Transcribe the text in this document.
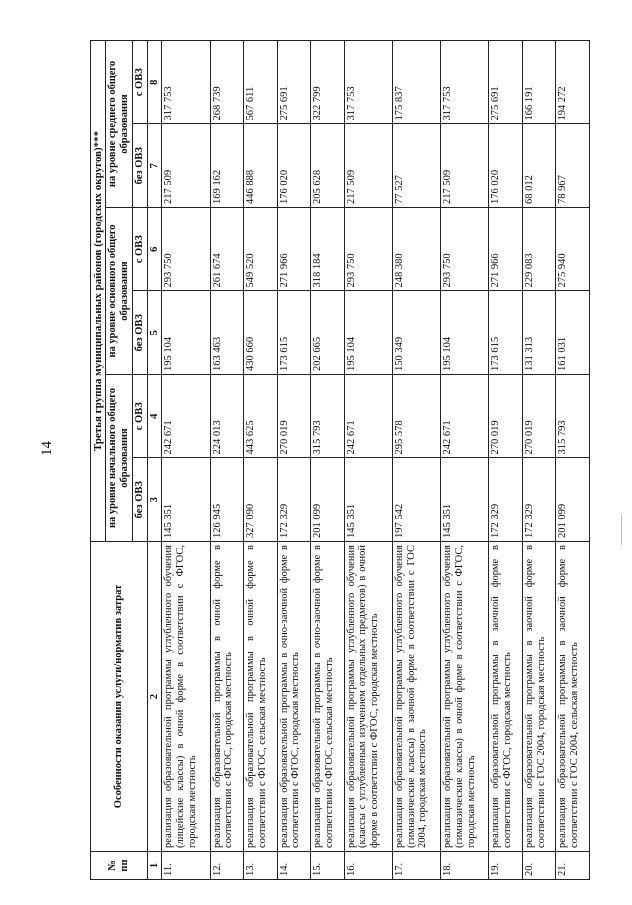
14
№ пп	Особенности оказания услуги/норматив затрат	Третья группа муниципальных районов (городских округов)***					
		на уровне начального общего образования		на уровне основного общего образования		на уровне среднего общего образования	
		без ОВЗ	с ОВЗ	без ОВЗ	с ОВЗ	без ОВЗ	с ОВЗ
1	2	3	4	5	6	7	8
11.	реализация образовательной программы углубленного обучения (лицейские классы) в очной форме в соответствии с ФГОС, городская местность	145 351	242 671	195 104	293 750	217 509	317 753
12.	реализация образовательной программы в очной форме в соответствии с ФГОС, городская местность	126 945	224 013	163 463	261 674	169 162	268 739
13.	реализация образовательной программы в очной форме в соответствии с ФГОС, сельская местность	327 090	443 625	430 660	549 520	446 888	567 611
14.	реализация образовательной программы в очно-заочной форме в соответствии с ФГОС, городская местность	172 329	270 019	173 615	271 966	176 020	275 691
15.	реализация образовательной программы в очно-заочной форме в соответствии с ФГОС, сельская местность	201 099	315 793	202 665	318 184	205 628	322 799
16.	реализация образовательной программы углубленного обучения (классы с углубленным изучением отдельных предметов) в очной форме в соответствии с ФГОС, городская местность	145 351	242 671	195 104	293 750	217 509	317 753
17.	реализация образовательной программы углубленного обучения (гимназические классы) в заочной форме в соответствии с ГОС 2004, городская местность	197 542	295 578	150 349	248 380	77 527	175 837
18.	реализация образовательной программы углубленного обучения (гимназические классы) в очной форме в соответствии с ФГОС, городская местность	145 351	242 671	195 104	293 750	217 509	317 753
19.	реализация образовательной программы в заочной форме в соответствии с ФГОС, городская местность	172 329	270 019	173 615	271 966	176 020	275 691
20.	реализация образовательной программы в заочной форме в соответствии с ГОС 2004, городская местность	172 329	270 019	131 313	229 083	68 012	166 191
21.	реализация образовательной программы в заочной форме в соответствии с ГОС 2004, сельская местность	201 099	315 793	161 031	275 940	78 967	194 272
